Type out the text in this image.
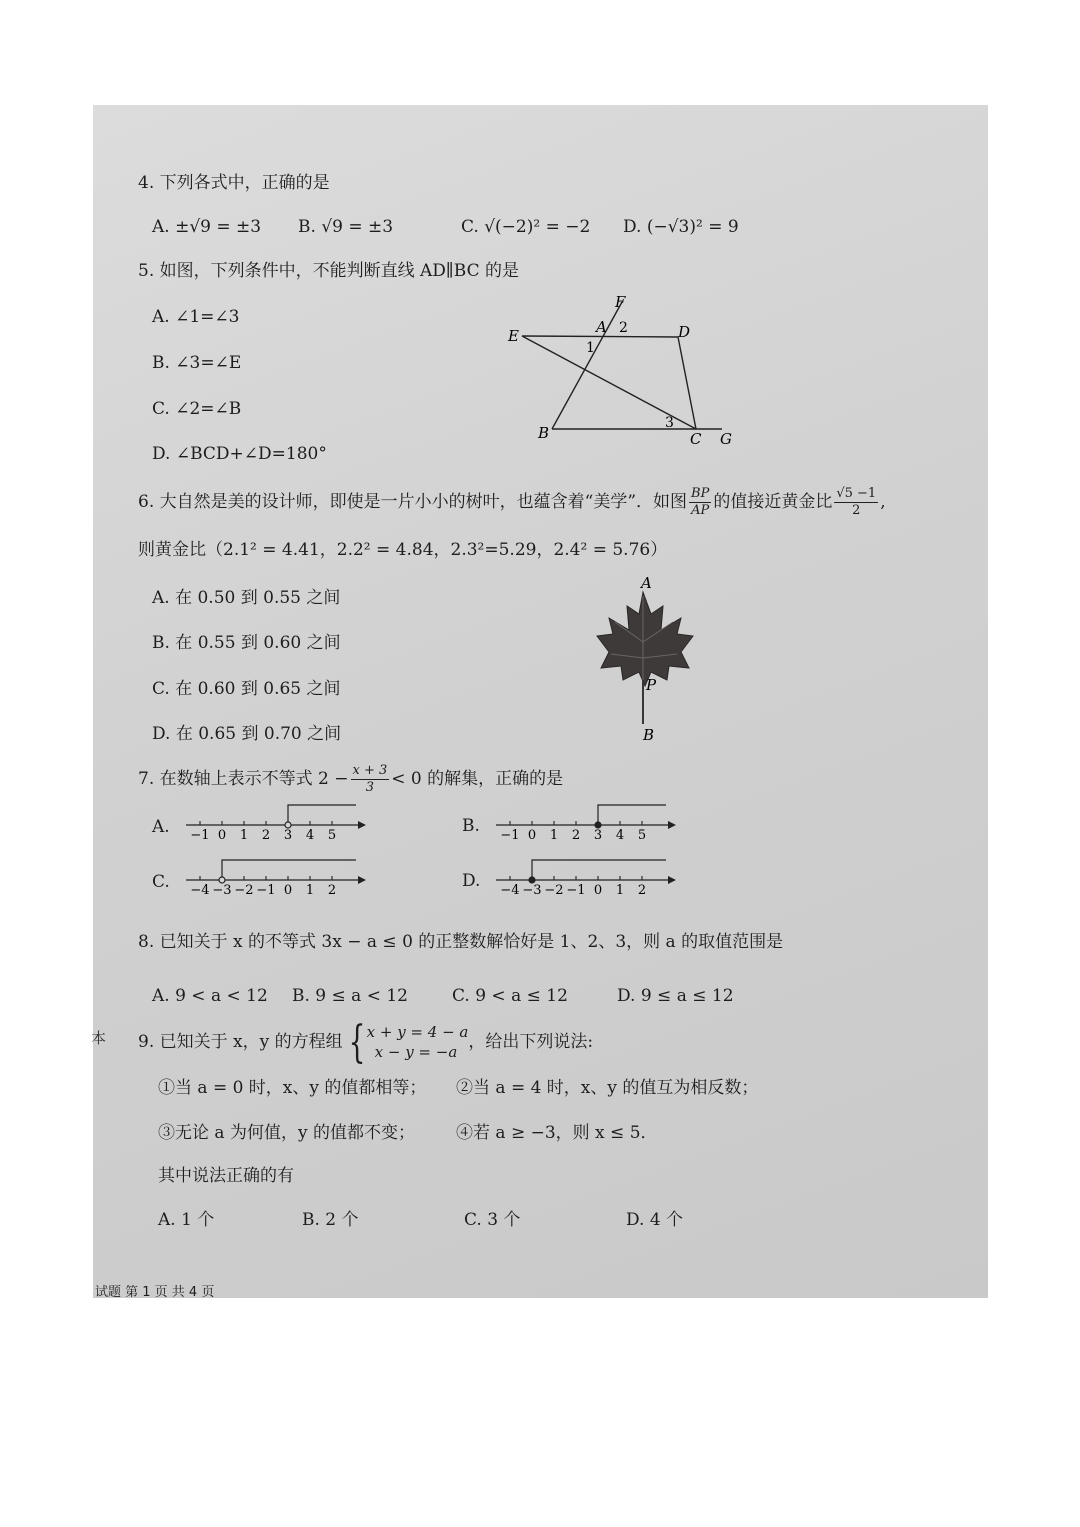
4. 下列各式中，正确的是
A. ±√9 = ±3 B. √9 = ±3	C. √(−2)² = −2 D. (−√3)² = 9
5. 如图，下列条件中，不能判断直线 AD∥BC 的是
A. ∠1=∠3
B. ∠3=∠E
C. ∠2=∠B
D. ∠BCD+∠D=180°
F
A 2	D
E
1
B
3
C G
6. 大自然是美的设计师，即使是一片小小的树叶，也蕴含着“美学”．如图 $\frac{BP}{AP}$ 的值接近黄金比 $\frac{√5 -1}{2}$ ,
则黄金比（2.1² = 4.41，2.2² = 4.84，2.3²=5.29，2.4² = 5.76）
A. 在 0.50 到 0.55 之间
B. 在 0.55 到 0.60 之间
C. 在 0.60 到 0.65 之间
D. 在 0.65 到 0.70 之间
A
P
B
7. 在数轴上表示不等式 $2 - \frac{x + 3}{3} < 0$ 的解集，正确的是
A.	B.
C.	D.
−1 0 1 2 3 4 5	−1 0 1 2 3 4 5
−4 −3 −2 −1 0 1 2	−4 −3 −2 −1 0 1 2
8. 已知关于 x 的不等式 3x − a ≤ 0 的正整数解恰好是 1、2、3，则 a 的取值范围是
A. 9 < a < 12 B. 9 ≤ a < 12	C. 9 < a ≤ 12	D. 9 ≤ a ≤ 12
9. 已知关于 x，y 的方程组 { x + y = 4 − a
x − y = −a ，给出下列说法:
①当 a = 0 时，x、y 的值都相等； ②当 a = 4 时，x、y 的值互为相反数；
③无论 a 为何值，y 的值都不变； ④若 a ≥ −3，则 x ≤ 5．
其中说法正确的有
A. 1 个	B. 2 个	C. 3 个	D. 4 个
本
试题 第 1 页 共 4 页
